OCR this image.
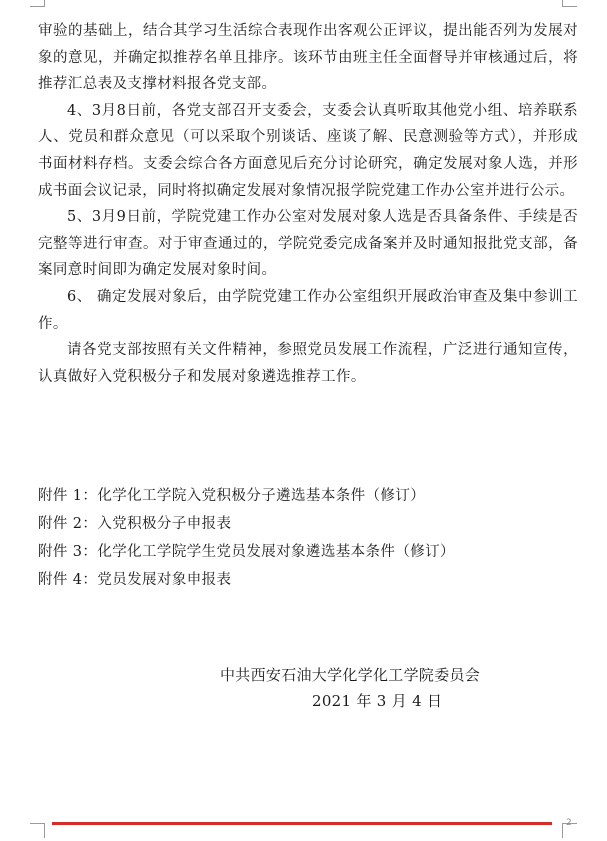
审验的基础上，结合其学习生活综合表现作出客观公正评议，提出能否列为发展对象的意见，并确定拟推荐名单且排序。该环节由班主任全面督导并审核通过后，将推荐汇总表及支撑材料报各党支部。

4、3月8日前，各党支部召开支委会，支委会认真听取其他党小组、培养联系人、党员和群众意见（可以采取个别谈话、座谈了解、民意测验等方式），并形成书面材料存档。支委会综合各方面意见后充分讨论研究，确定发展对象人选，并形成书面会议记录，同时将拟确定发展对象情况报学院党建工作办公室并进行公示。

5、3月9日前，学院党建工作办公室对发展对象人选是否具备条件、手续是否完整等进行审查。对于审查通过的，学院党委完成备案并及时通知报批党支部，备案同意时间即为确定发展对象时间。

6、 确定发展对象后，由学院党建工作办公室组织开展政治审查及集中参训工作。

请各党支部按照有关文件精神，参照党员发展工作流程，广泛进行通知宣传，认真做好入党积极分子和发展对象遴选推荐工作。

附件 1：化学化工学院入党积极分子遴选基本条件（修订）

附件 2：入党积极分子申报表

附件 3：化学化工学院学生党员发展对象遴选基本条件（修订）

附件 4：党员发展对象申报表

中共西安石油大学化学化工学院委员会
2021 年 3 月 4 日
2
